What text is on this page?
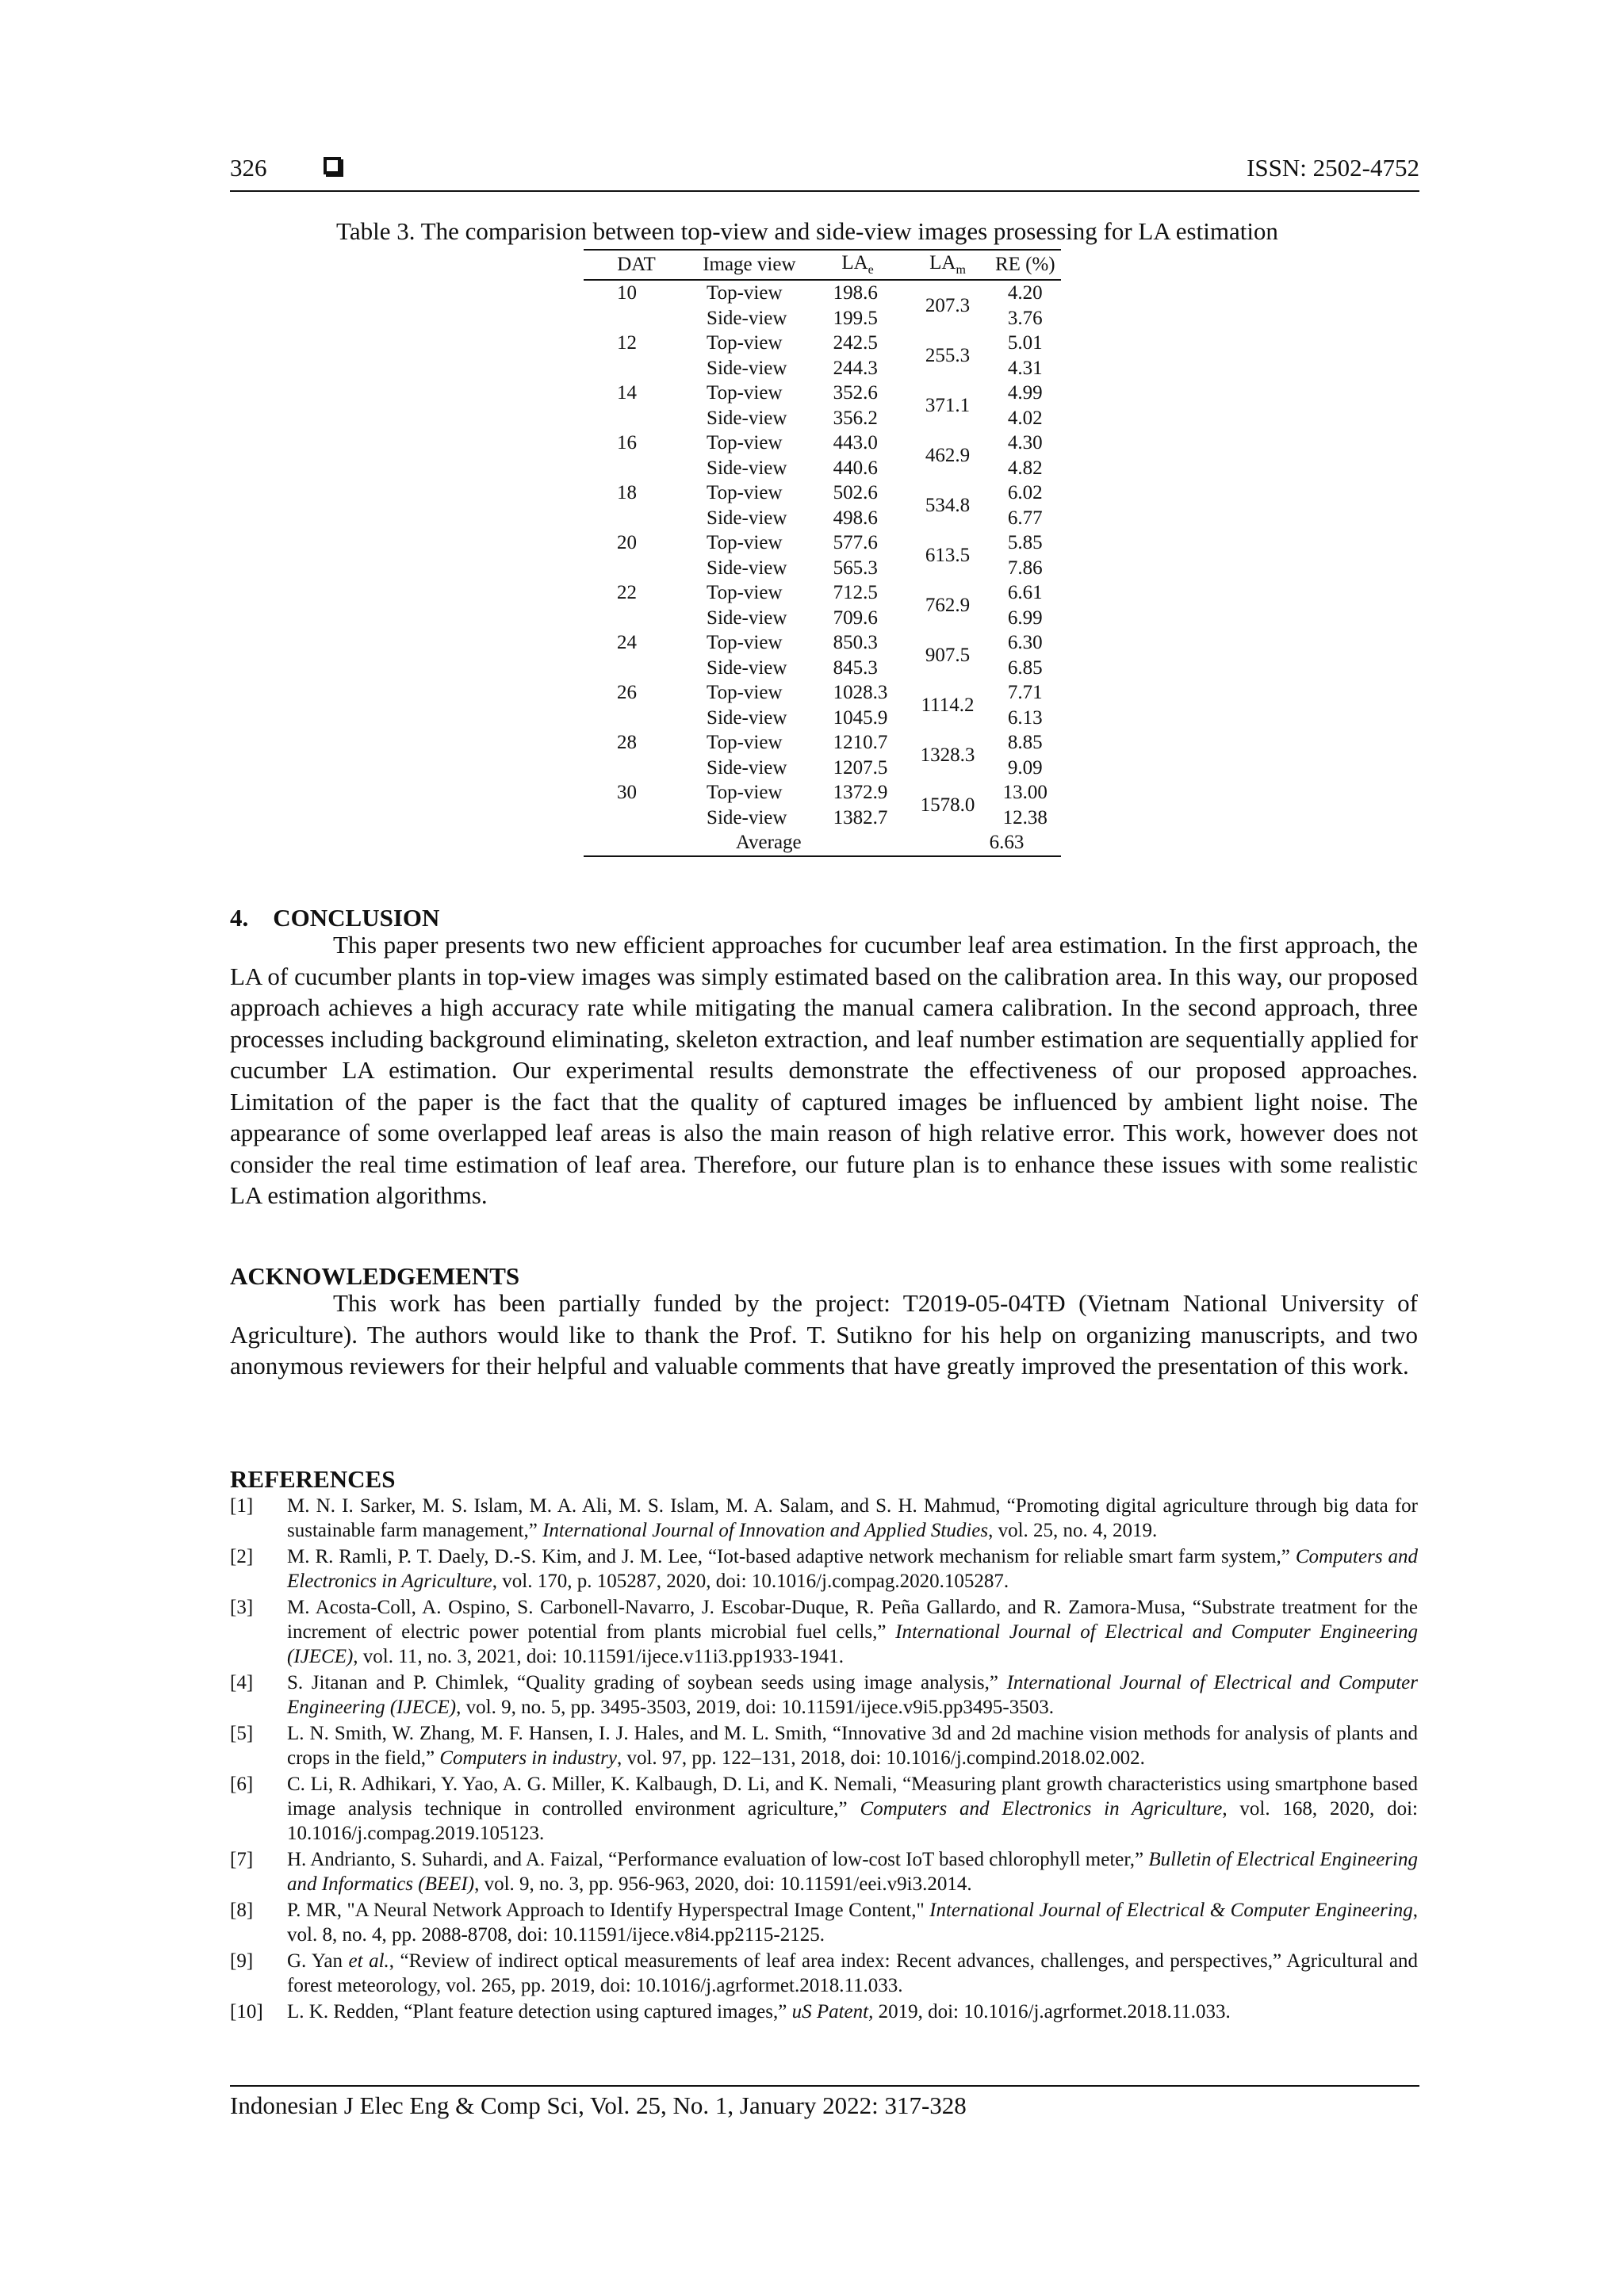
326	ISSN: 2502-4752
Table 3. The comparision between top-view and side-view images prosessing for LA estimation
DAT	Image view	$LA_e$	$LA_m$	RE (%)
10	Top-view	198.6	207.3	4.20
	Side-view	199.5		3.76
12	Top-view	242.5	255.3	5.01
	Side-view	244.3		4.31
14	Top-view	352.6	371.1	4.99
	Side-view	356.2		4.02
16	Top-view	443.0	462.9	4.30
	Side-view	440.6		4.82
18	Top-view	502.6	534.8	6.02
	Side-view	498.6		6.77
20	Top-view	577.6	613.5	5.85
	Side-view	565.3		7.86
22	Top-view	712.5	762.9	6.61
	Side-view	709.6		6.99
24	Top-view	850.3	907.5	6.30
	Side-view	845.3		6.85
26	Top-view	1028.3	1114.2	7.71
	Side-view	1045.9		6.13
28	Top-view	1210.7	1328.3	8.85
	Side-view	1207.5		9.09
30	Top-view	1372.9	1578.0	13.00
	Side-view	1382.7		12.38
Average				6.63
4.    CONCLUSION
This paper presents two new efficient approaches for cucumber leaf area estimation. In the first approach, the LA of cucumber plants in top-view images was simply estimated based on the calibration area. In this way, our proposed approach achieves a high accuracy rate while mitigating the manual camera calibration. In the second approach, three processes including background eliminating, skeleton extraction, and leaf number estimation are sequentially applied for cucumber LA estimation. Our experimental results demonstrate the effectiveness of our proposed approaches. Limitation of the paper is the fact that the quality of captured images be influenced by ambient light noise. The appearance of some overlapped leaf areas is also the main reason of high relative error. This work, however does not consider the real time estimation of leaf area. Therefore, our future plan is to enhance these issues with some realistic LA estimation algorithms.
ACKNOWLEDGEMENTS
This work has been partially funded by the project: T2019-05-04TĐ (Vietnam National University of Agriculture). The authors would like to thank the Prof. T. Sutikno for his help on organizing manuscripts, and two anonymous reviewers for their helpful and valuable comments that have greatly improved the presentation of this work.
REFERENCES
[1]	M. N. I. Sarker, M. S. Islam, M. A. Ali, M. S. Islam, M. A. Salam, and S. H. Mahmud, “Promoting digital agriculture through big data for sustainable farm management,” International Journal of Innovation and Applied Studies, vol. 25, no. 4, 2019.
[2]	M. R. Ramli, P. T. Daely, D.-S. Kim, and J. M. Lee, “Iot-based adaptive network mechanism for reliable smart farm system,” Computers and Electronics in Agriculture, vol. 170, p. 105287, 2020, doi: 10.1016/j.compag.2020.105287.
[3]	M. Acosta-Coll, A. Ospino, S. Carbonell-Navarro, J. Escobar-Duque, R. Peña Gallardo, and R. Zamora-Musa, “Substrate treatment for the increment of electric power potential from plants microbial fuel cells,” International Journal of Electrical and Computer Engineering (IJECE), vol. 11, no. 3, 2021, doi: 10.11591/ijece.v11i3.pp1933-1941.
[4]	S. Jitanan and P. Chimlek, “Quality grading of soybean seeds using image analysis,” International Journal of Electrical and Computer Engineering (IJECE), vol. 9, no. 5, pp. 3495-3503, 2019, doi: 10.11591/ijece.v9i5.pp3495-3503.
[5]	L. N. Smith, W. Zhang, M. F. Hansen, I. J. Hales, and M. L. Smith, “Innovative 3d and 2d machine vision methods for analysis of plants and crops in the field,” Computers in industry, vol. 97, pp. 122–131, 2018, doi: 10.1016/j.compind.2018.02.002.
[6]	C. Li, R. Adhikari, Y. Yao, A. G. Miller, K. Kalbaugh, D. Li, and K. Nemali, “Measuring plant growth characteristics using smartphone based image analysis technique in controlled environment agriculture,” Computers and Electronics in Agriculture, vol. 168, 2020, doi: 10.1016/j.compag.2019.105123.
[7]	H. Andrianto, S. Suhardi, and A. Faizal, “Performance evaluation of low-cost IoT based chlorophyll meter,” Bulletin of Electrical Engineering and Informatics (BEEI), vol. 9, no. 3, pp. 956-963, 2020, doi: 10.11591/eei.v9i3.2014.
[8]	P. MR, "A Neural Network Approach to Identify Hyperspectral Image Content," International Journal of Electrical & Computer Engineering, vol. 8, no. 4, pp. 2088-8708, doi: 10.11591/ijece.v8i4.pp2115-2125.
[9]	G. Yan et al., “Review of indirect optical measurements of leaf area index: Recent advances, challenges, and perspectives,” Agricultural and forest meteorology, vol. 265, pp. 2019, doi: 10.1016/j.agrformet.2018.11.033.
[10]	L. K. Redden, “Plant feature detection using captured images,” uS Patent, 2019, doi: 10.1016/j.agrformet.2018.11.033.
Indonesian J Elec Eng & Comp Sci, Vol. 25, No. 1, January 2022: 317-328
